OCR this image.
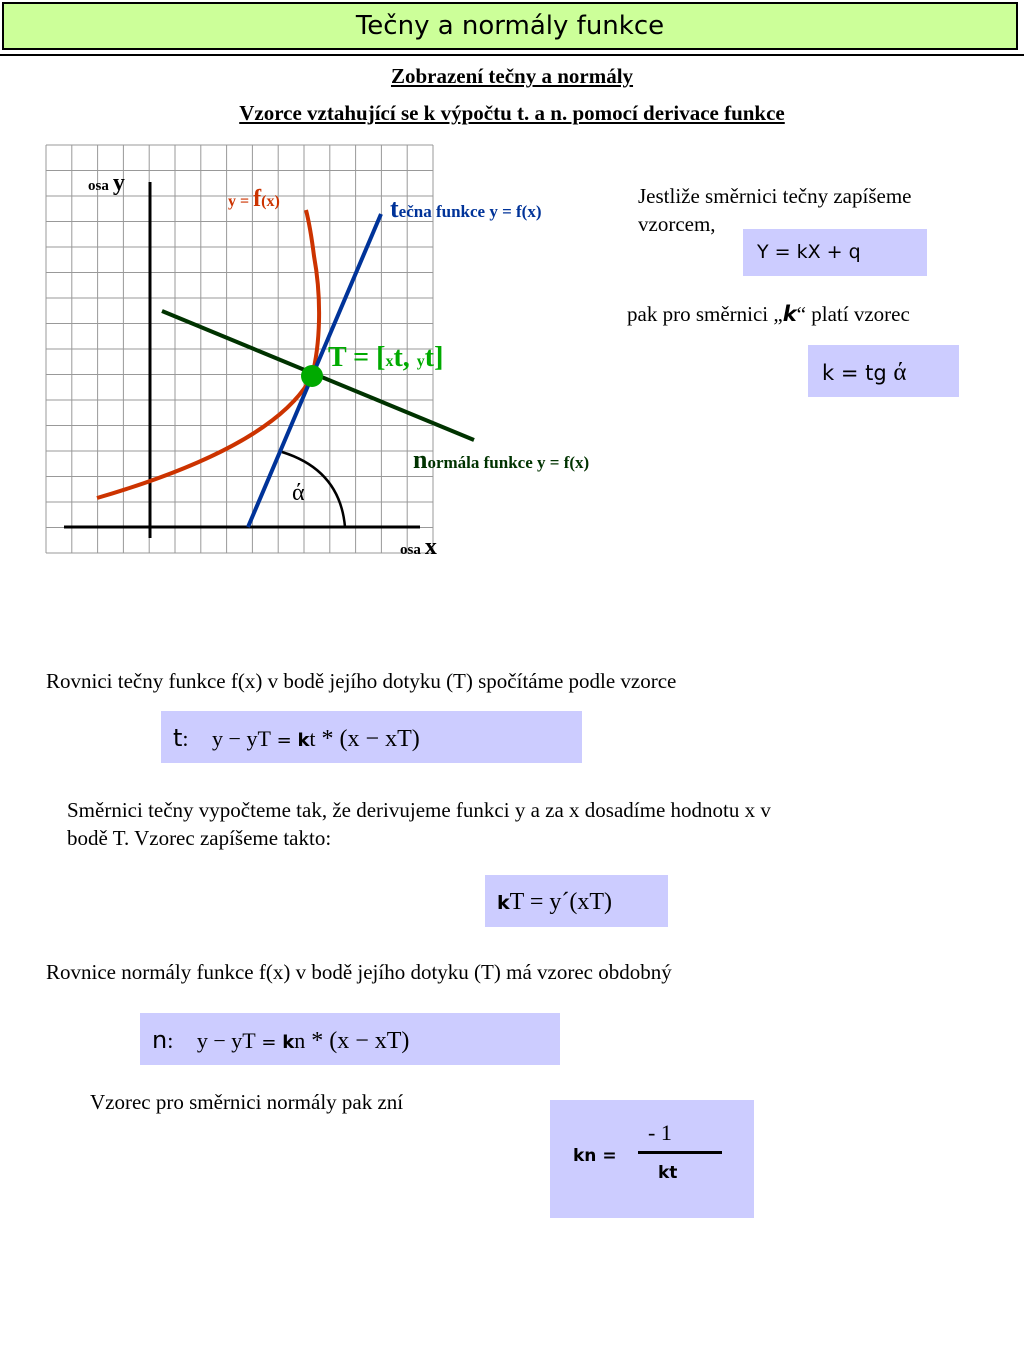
Tečny a normály funkce
Zobrazení tečny a normály
Vzorce vztahující se k výpočtu t. a n. pomocí derivace funkce
osa y
osa x
y = f(x)	tečna funkce y = f(x)
normála funkce y = f(x)
T = [xt, yt]
ά
Jestliže směrnici tečny zapíšeme vzorcem,
Y = kX + q
pak pro směrnici „k“ platí vzorec
k = tg ά
Rovnici tečny funkce f(x) v bodě jejího dotyku (T) spočítáme podle vzorce
t: y − yT = kt * (x − xT)
Směrnici tečny vypočteme tak, že derivujeme funkci y a za x dosadíme hodnotu x v bodě T. Vzorec zapíšeme takto:
kT = y´(xT)
Rovnice normály funkce f(x) v bodě jejího dotyku (T) má vzorec obdobný
n: y − yT = kn * (x − xT)
Vzorec pro směrnici normály pak zní
kn =
- 1
kt
